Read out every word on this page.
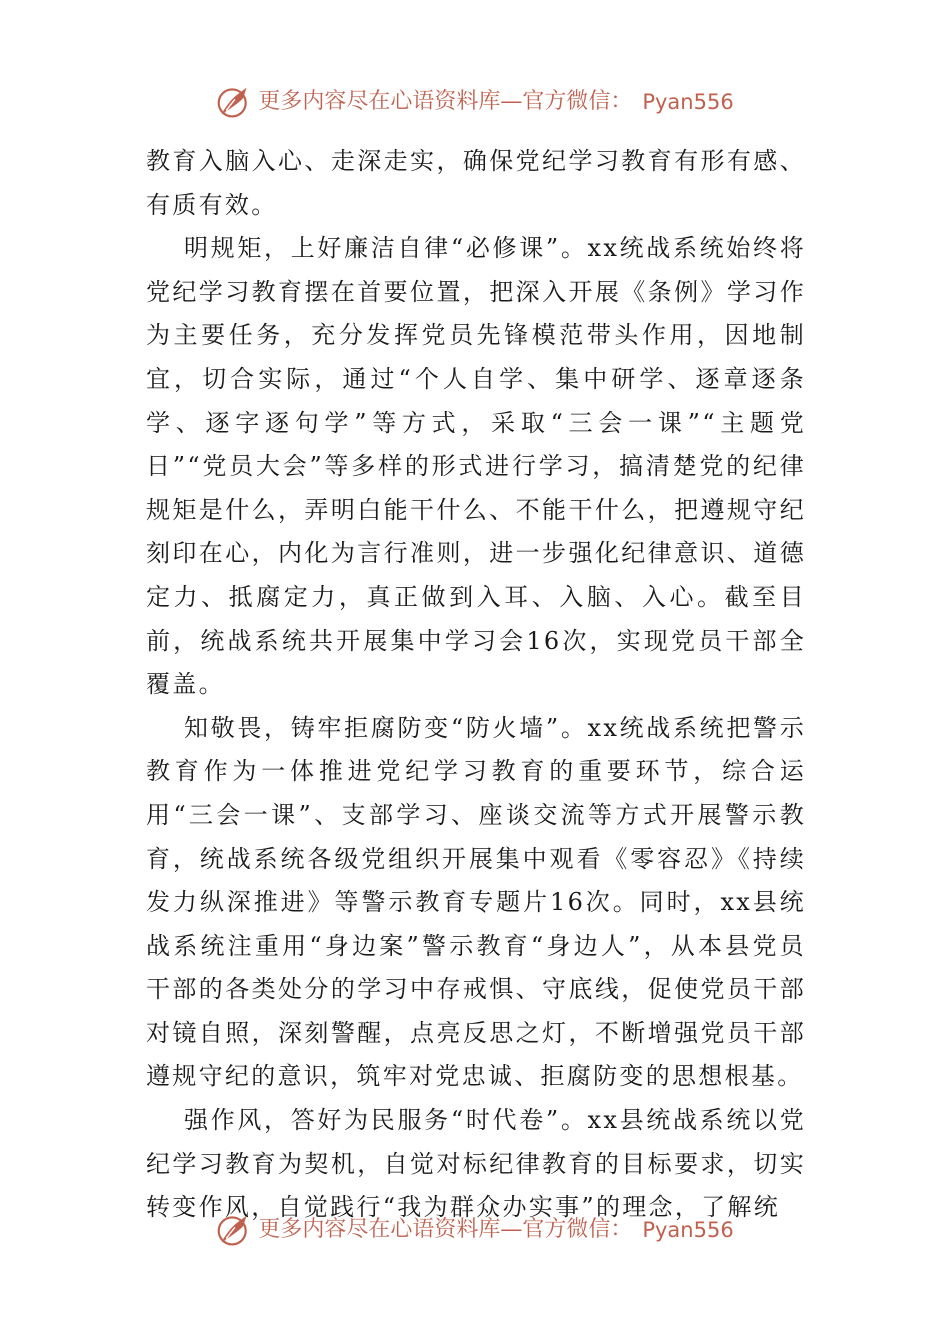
更多内容尽在心语资料库—官方微信： Pyan556

教育入脑入心、走深走实，确保党纪学习教育有形有感、有质有效。

明规矩，上好廉洁自律“必修课”。xx统战系统始终将党纪学习教育摆在首要位置，把深入开展《条例》学习作为主要任务，充分发挥党员先锋模范带头作用，因地制宜，切合实际，通过“个人自学、集中研学、逐章逐条学、逐字逐句学”等方式，采取“三会一课”“主题党日”“党员大会”等多样的形式进行学习，搞清楚党的纪律规矩是什么，弄明白能干什么、不能干什么，把遵规守纪刻印在心，内化为言行准则，进一步强化纪律意识、道德定力、抵腐定力，真正做到入耳、入脑、入心。截至目前，统战系统共开展集中学习会16次，实现党员干部全覆盖。

知敬畏，铸牢拒腐防变“防火墙”。xx统战系统把警示教育作为一体推进党纪学习教育的重要环节，综合运用“三会一课”、支部学习、座谈交流等方式开展警示教育，统战系统各级党组织开展集中观看《零容忍》《持续发力纵深推进》等警示教育专题片16次。同时，xx县统战系统注重用“身边案”警示教育“身边人”，从本县党员干部的各类处分的学习中存戒惧、守底线，促使党员干部对镜自照，深刻警醒，点亮反思之灯，不断增强党员干部遵规守纪的意识，筑牢对党忠诚、拒腐防变的思想根基。

强作风，答好为民服务“时代卷”。xx县统战系统以党纪学习教育为契机，自觉对标纪律教育的目标要求，切实转变作风，自觉践行“我为群众办实事”的理念，了解统

更多内容尽在心语资料库—官方微信： Pyan556
